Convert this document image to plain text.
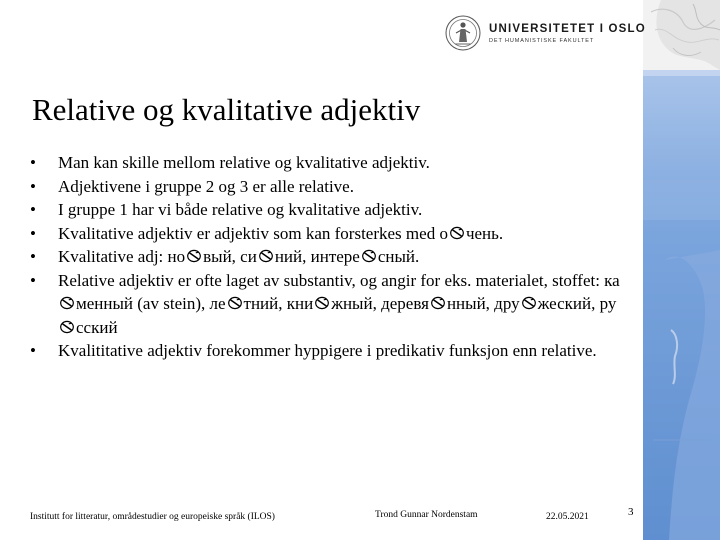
UNIVERSITETET I OSLO
DET HUMANISTISKE FAKULTET
Relative og kvalitative adjektiv
• Man kan skille mellom relative og kvalitative adjektiv.
• Adjektivene i gruppe 2 og 3 er alle relative.
• I gruppe 1 har vi både relative og kvalitative adjektiv.
• Kvalitative adjektiv er adjektiv som kan forsterkes med о чень.
• Kvalitative adj: но вый, си ний, интере сный.
• Relative adjektiv er ofte laget av substantiv, og angir for eks. materialet, stoffet: каменный (av stein), ле тний, кни жный, деревя нный, дру жеский, русский
• Kvalititative adjektiv forekommer hyppigere i predikativ funksjon enn relative.
Institutt for litteratur, områdestudier og europeiske språk (ILOS)	Trond Gunnar Nordenstam	22.05.2021	3
